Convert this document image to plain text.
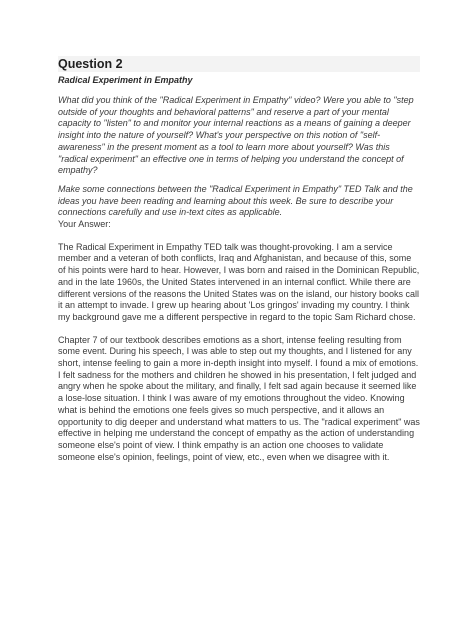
Question 2

Radical Experiment in Empathy

What did you think of the "Radical Experiment in Empathy" video? Were you able to "step outside of your thoughts and behavioral patterns" and reserve a part of your mental capacity to "listen" to and monitor your internal reactions as a means of gaining a deeper insight into the nature of yourself? What's your perspective on this notion of "self-awareness" in the present moment as a tool to learn more about yourself? Was this "radical experiment" an effective one in terms of helping you understand the concept of empathy?

Make some connections between the "Radical Experiment in Empathy" TED Talk and the ideas you have been reading and learning about this week. Be sure to describe your connections carefully and use in-text cites as applicable.

Your Answer:

The Radical Experiment in Empathy TED talk was thought-provoking. I am a service member and a veteran of both conflicts, Iraq and Afghanistan, and because of this, some of his points were hard to hear. However, I was born and raised in the Dominican Republic, and in the late 1960s, the United States intervened in an internal conflict. While there are different versions of the reasons the United States was on the island, our history books call it an attempt to invade. I grew up hearing about 'Los gringos' invading my country. I think my background gave me a different perspective in regard to the topic Sam Richard chose.

Chapter 7 of our textbook describes emotions as a short, intense feeling resulting from some event. During his speech, I was able to step out my thoughts, and I listened for any short, intense feeling to gain a more in-depth insight into myself. I found a mix of emotions. I felt sadness for the mothers and children he showed in his presentation, I felt judged and angry when he spoke about the military, and finally, I felt sad again because it seemed like a lose-lose situation. I think I was aware of my emotions throughout the video. Knowing what is behind the emotions one feels gives so much perspective, and it allows an opportunity to dig deeper and understand what matters to us. The "radical experiment" was effective in helping me understand the concept of empathy as the action of understanding someone else's point of view. I think empathy is an action one chooses to validate someone else's opinion, feelings, point of view, etc., even when we disagree with it.
